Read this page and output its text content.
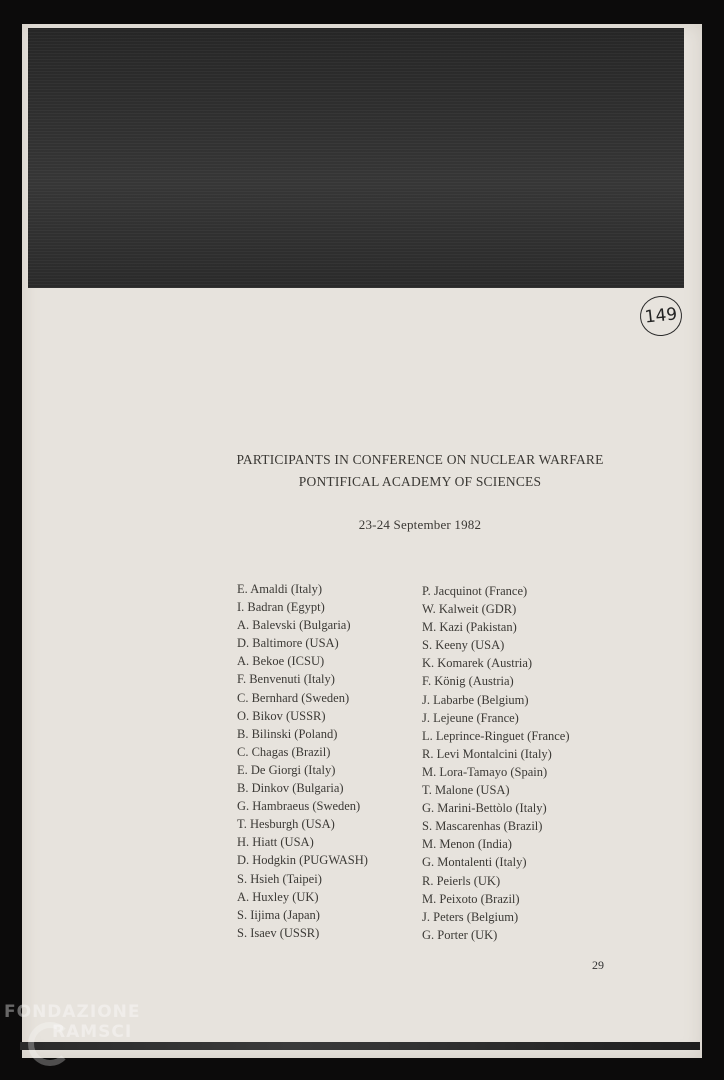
149
PARTICIPANTS IN CONFERENCE ON NUCLEAR WARFARE
PONTIFICAL ACADEMY OF SCIENCES
23-24 September 1982
E. Amaldi (Italy)
I. Badran (Egypt)
A. Balevski (Bulgaria)
D. Baltimore (USA)
A. Bekoe (ICSU)
F. Benvenuti (Italy)
C. Bernhard (Sweden)
O. Bikov (USSR)
B. Bilinski (Poland)
C. Chagas (Brazil)
E. De Giorgi (Italy)
B. Dinkov (Bulgaria)
G. Hambraeus (Sweden)
T. Hesburgh (USA)
H. Hiatt (USA)
D. Hodgkin (PUGWASH)
S. Hsieh (Taipei)
A. Huxley (UK)
S. Iijima (Japan)
S. Isaev (USSR)
P. Jacquinot (France)
W. Kalweit (GDR)
M. Kazi (Pakistan)
S. Keeny (USA)
K. Komarek (Austria)
F. König (Austria)
J. Labarbe (Belgium)
J. Lejeune (France)
L. Leprince-Ringuet (France)
R. Levi Montalcini (Italy)
M. Lora-Tamayo (Spain)
T. Malone (USA)
G. Marini-Bettòlo (Italy)
S. Mascarenhas (Brazil)
M. Menon (India)
G. Montalenti (Italy)
R. Peierls (UK)
M. Peixoto (Brazil)
J. Peters (Belgium)
G. Porter (UK)
29
FONDAZIONE
RAMSCI
